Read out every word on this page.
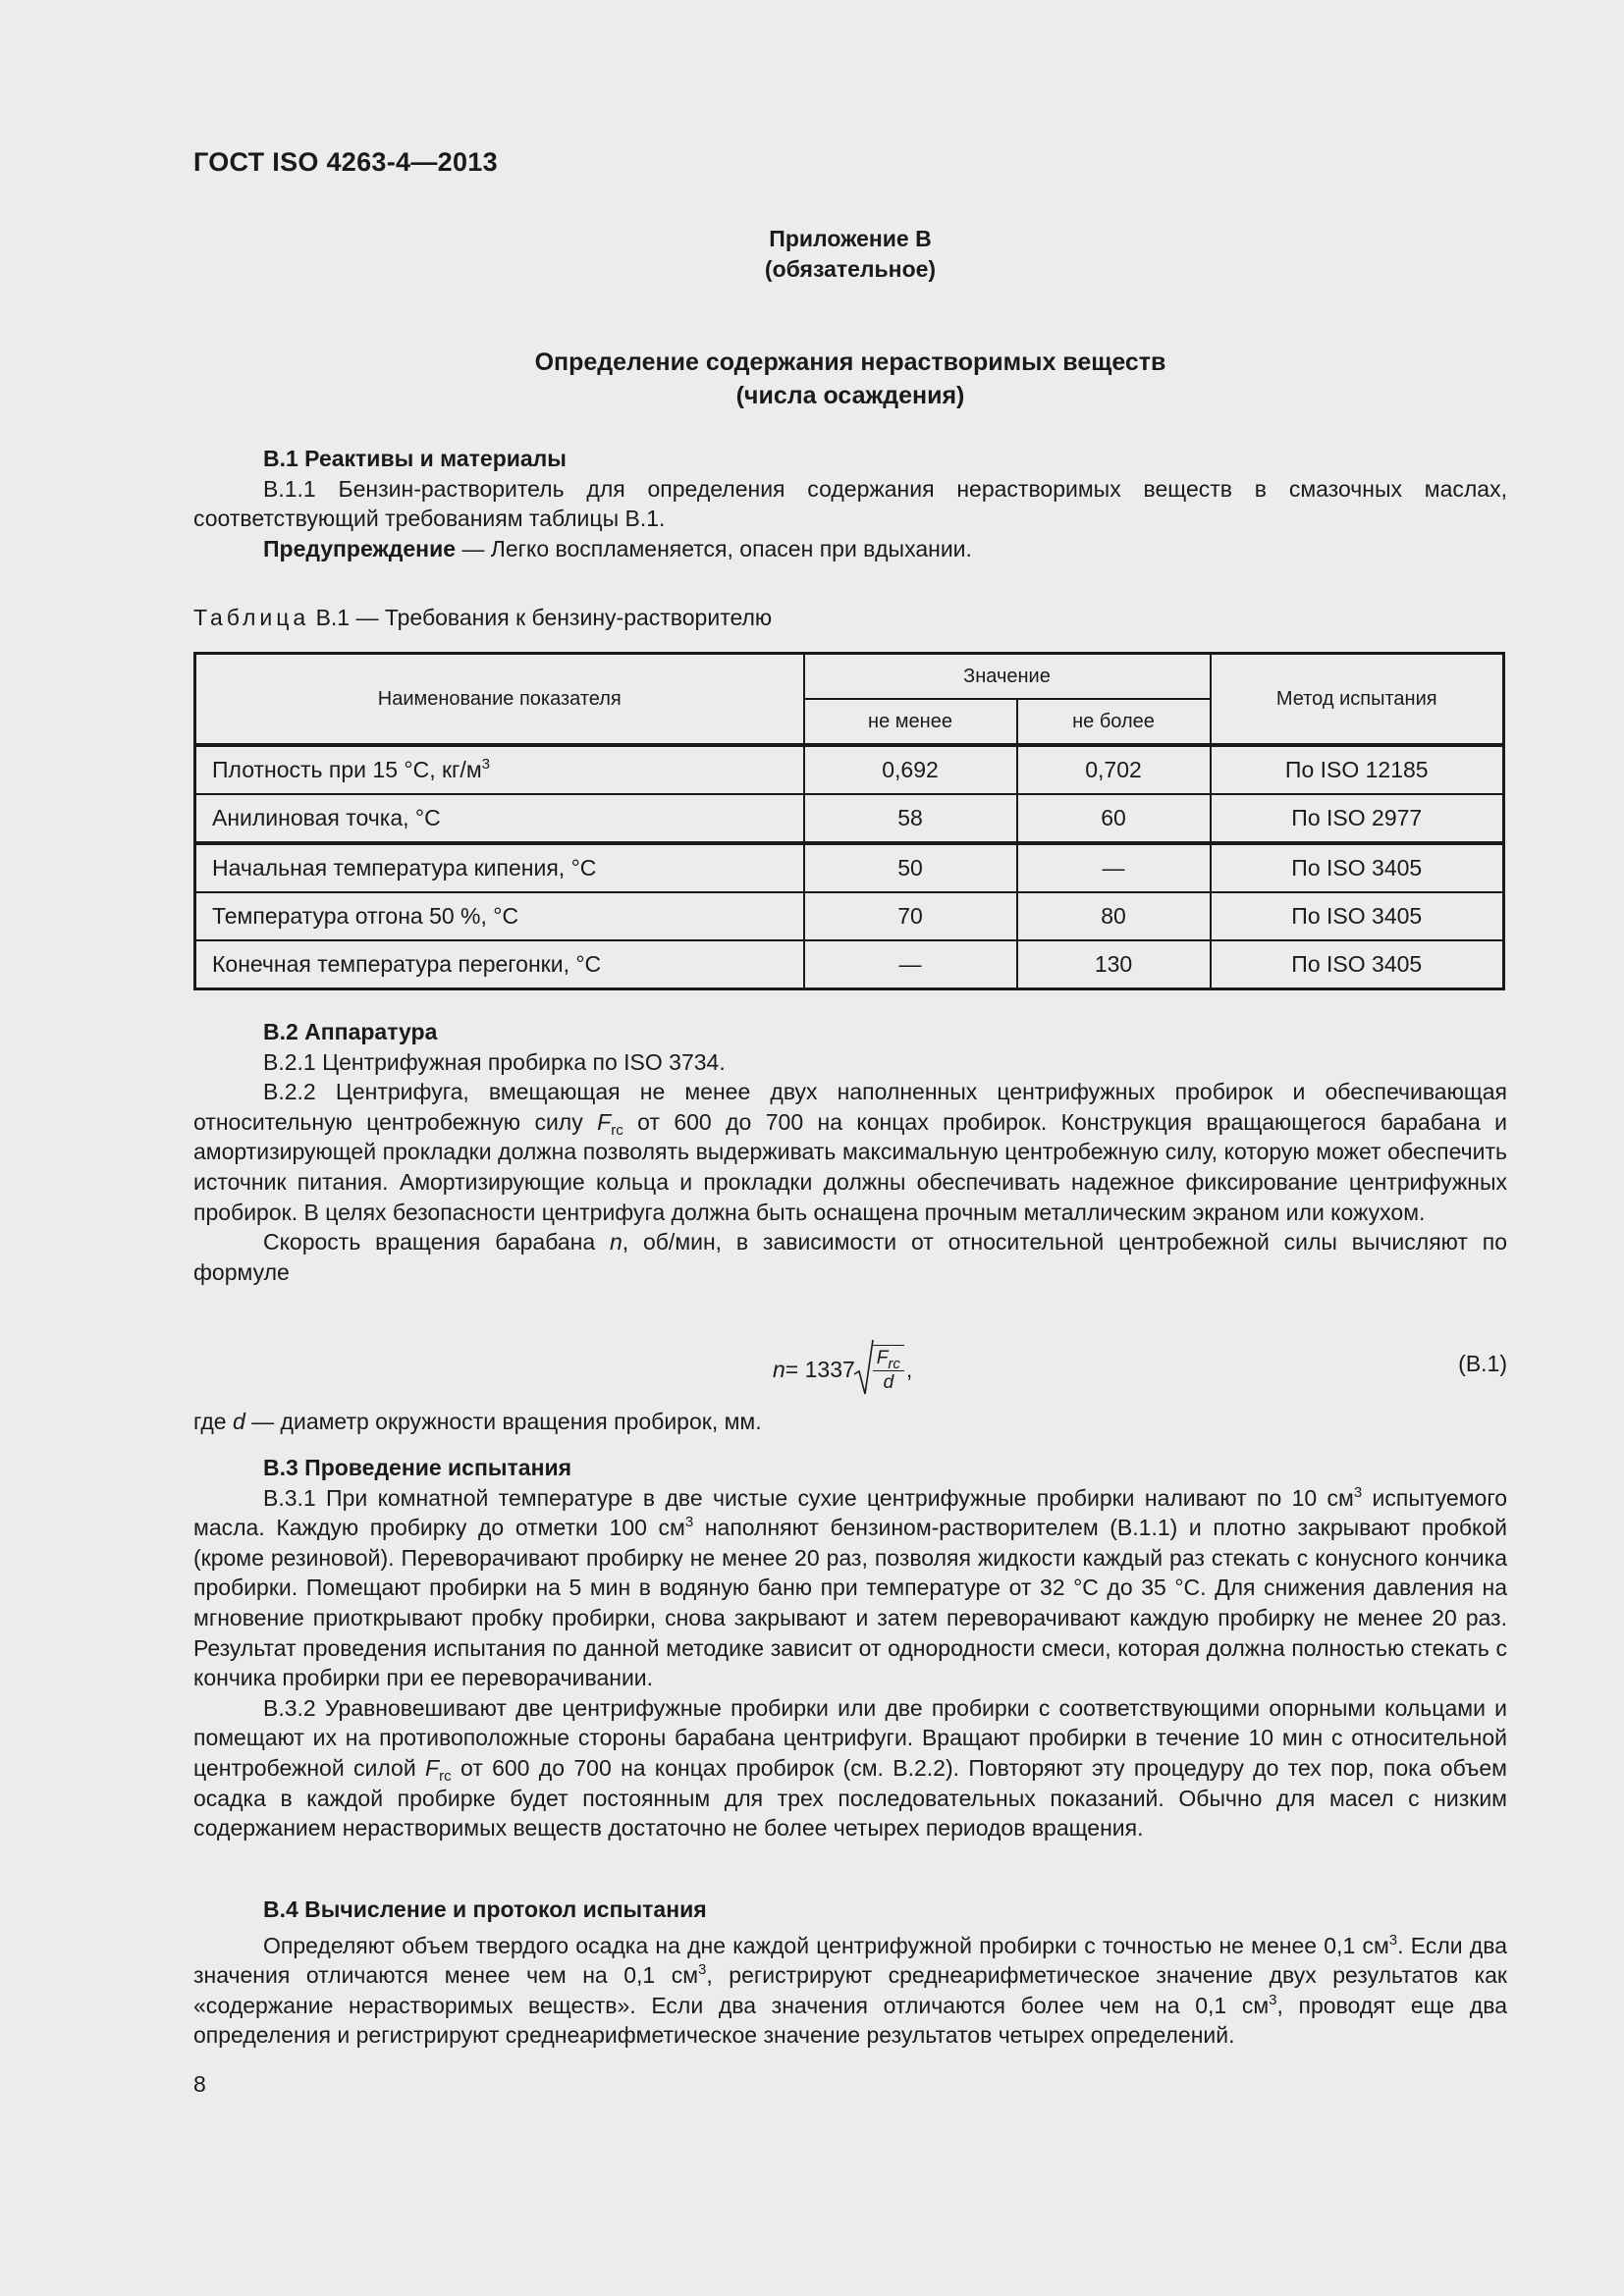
ГОСТ ISO 4263-4—2013
Приложение В
(обязательное)
Определение содержания нерастворимых веществ
(числа осаждения)

В.1 Реактивы и материалы

В.1.1 Бензин-растворитель для определения содержания нерастворимых веществ в смазочных маслах, соответствующий требованиям таблицы В.1.

Предупреждение — Легко воспламеняется, опасен при вдыхании.

Таблица В.1 — Требования к бензину-растворителю
Наименование показателя	Значение		Метод испытания
	не менее	не более	
Плотность при 15 °С, $кг/м^3$	0,692	0,702	По ISO 12185
Анилиновая точка, °С	58	60	По ISO 2977
Начальная температура кипения, °С	50	—	По ISO 3405
Температура отгона 50 %, °С	70	80	По ISO 3405
Конечная температура перегонки, °С	—	130	По ISO 3405

В.2 Аппаратура

В.2.1 Центрифужная пробирка по ISO 3734.

В.2.2 Центрифуга, вмещающая не менее двух наполненных центрифужных пробирок и обеспечивающая относительную центробежную силу $F_{rc}$ от 600 до 700 на концах пробирок. Конструкция вращающегося барабана и амортизирующей прокладки должна позволять выдерживать максимальную центробежную силу, которую может обеспечить источник питания. Амортизирующие кольца и прокладки должны обеспечивать надежное фиксирование центрифужных пробирок. В целях безопасности центрифуга должна быть оснащена прочным металлическим экраном или кожухом.

Скорость вращения барабана n, об/мин, в зависимости от относительной центробежной силы вычисляют по формуле

$n = 1337 \frac{F_{rc}}{d}$ ,	(В.1)
где d — диаметр окружности вращения пробирок, мм.

В.3 Проведение испытания

В.3.1 При комнатной температуре в две чистые сухие центрифужные пробирки наливают по 10 $см^3$ испытуемого масла. Каждую пробирку до отметки 100 $см^3$ наполняют бензином-растворителем (В.1.1) и плотно закрывают пробкой (кроме резиновой). Переворачивают пробирку не менее 20 раз, позволяя жидкости каждый раз стекать с конусного кончика пробирки. Помещают пробирки на 5 мин в водяную баню при температуре от 32 °С до 35 °С. Для снижения давления на мгновение приоткрывают пробку пробирки, снова закрывают и затем переворачивают каждую пробирку не менее 20 раз. Результат проведения испытания по данной методике зависит от однородности смеси, которая должна полностью стекать с кончика пробирки при ее переворачивании.

В.3.2 Уравновешивают две центрифужные пробирки или две пробирки с соответствующими опорными кольцами и помещают их на противоположные стороны барабана центрифуги. Вращают пробирки в течение 10 мин с относительной центробежной силой $F_{rc}$ от 600 до 700 на концах пробирок (см. В.2.2). Повторяют эту процедуру до тех пор, пока объем осадка в каждой пробирке будет постоянным для трех последовательных показаний. Обычно для масел с низким содержанием нерастворимых веществ достаточно не более четырех периодов вращения.

В.4 Вычисление и протокол испытания

Определяют объем твердого осадка на дне каждой центрифужной пробирки с точностью не менее 0,1 $см^3$. Если два значения отличаются менее чем на 0,1 $см^3$, регистрируют среднеарифметическое значение двух результатов как «содержание нерастворимых веществ». Если два значения отличаются более чем на 0,1 $см^3$, проводят еще два определения и регистрируют среднеарифметическое значение результатов четырех определений.

8
